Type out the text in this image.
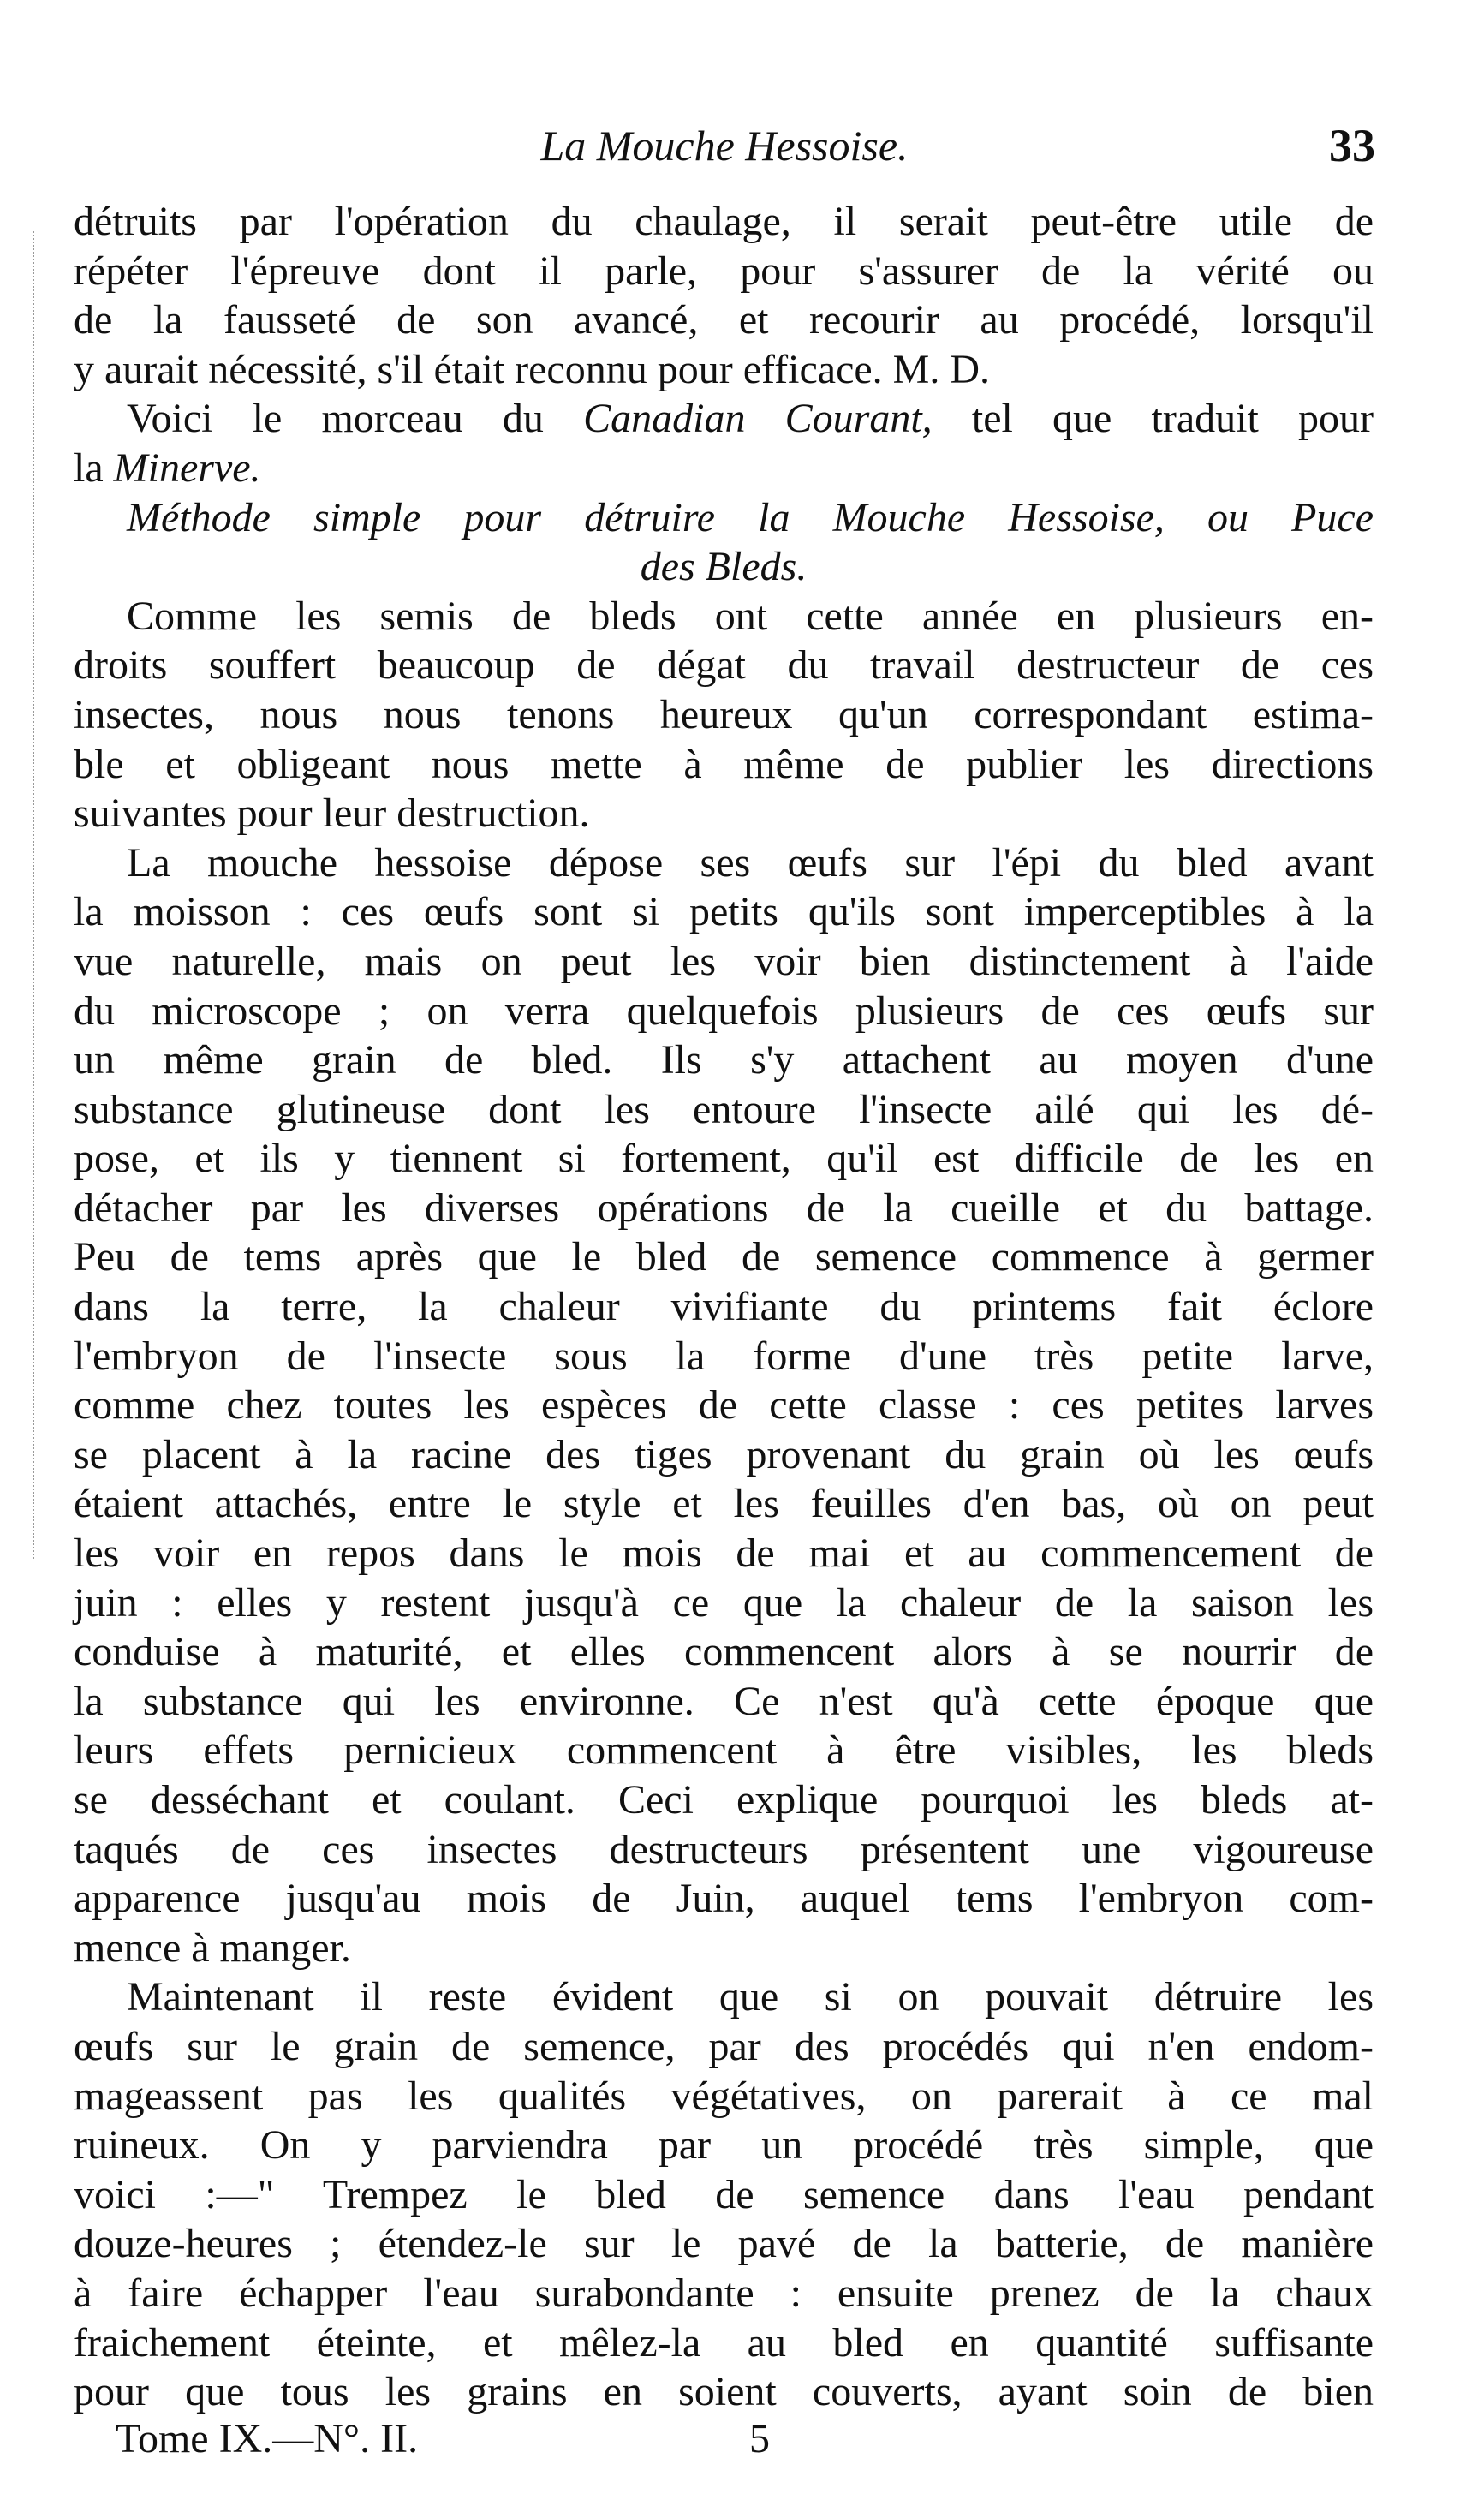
La Mouche Hessoise.	33
détruits par l'opération du chaulage, il serait peut-être utile de
répéter l'épreuve dont il parle, pour s'assurer de la vérité ou
de la fausseté de son avancé, et recourir au procédé, lorsqu'il
y aurait nécessité, s'il était reconnu pour efficace. M. D.
Voici le morceau du Canadian Courant, tel que traduit pour
la Minerve.
Méthode simple pour détruire la Mouche Hessoise, ou Puce
des Bleds.
Comme les semis de bleds ont cette année en plusieurs en-
droits souffert beaucoup de dégat du travail destructeur de ces
insectes, nous nous tenons heureux qu'un correspondant estima-
ble et obligeant nous mette à même de publier les directions
suivantes pour leur destruction.
La mouche hessoise dépose ses œufs sur l'épi du bled avant
la moisson : ces œufs sont si petits qu'ils sont imperceptibles à la
vue naturelle, mais on peut les voir bien distinctement à l'aide
du microscope ; on verra quelquefois plusieurs de ces œufs sur
un même grain de bled. Ils s'y attachent au moyen d'une
substance glutineuse dont les entoure l'insecte ailé qui les dé-
pose, et ils y tiennent si fortement, qu'il est difficile de les en
détacher par les diverses opérations de la cueille et du battage.
Peu de tems après que le bled de semence commence à germer
dans la terre, la chaleur vivifiante du printems fait éclore
l'embryon de l'insecte sous la forme d'une très petite larve,
comme chez toutes les espèces de cette classe : ces petites larves
se placent à la racine des tiges provenant du grain où les œufs
étaient attachés, entre le style et les feuilles d'en bas, où on peut
les voir en repos dans le mois de mai et au commencement de
juin : elles y restent jusqu'à ce que la chaleur de la saison les
conduise à maturité, et elles commencent alors à se nourrir de
la substance qui les environne. Ce n'est qu'à cette époque que
leurs effets pernicieux commencent à être visibles, les bleds
se desséchant et coulant. Ceci explique pourquoi les bleds at-
taqués de ces insectes destructeurs présentent une vigoureuse
apparence jusqu'au mois de Juin, auquel tems l'embryon com-
mence à manger.
Maintenant il reste évident que si on pouvait détruire les
œufs sur le grain de semence, par des procédés qui n'en endom-
mageassent pas les qualités végétatives, on parerait à ce mal
ruineux. On y parviendra par un procédé très simple, que
voici :—" Trempez le bled de semence dans l'eau pendant
douze-heures ; étendez-le sur le pavé de la batterie, de manière
à faire échapper l'eau surabondante : ensuite prenez de la chaux
fraichement éteinte, et mêlez-la au bled en quantité suffisante
pour que tous les grains en soient couverts, ayant soin de bien
Tome IX.—N°. II.	5
